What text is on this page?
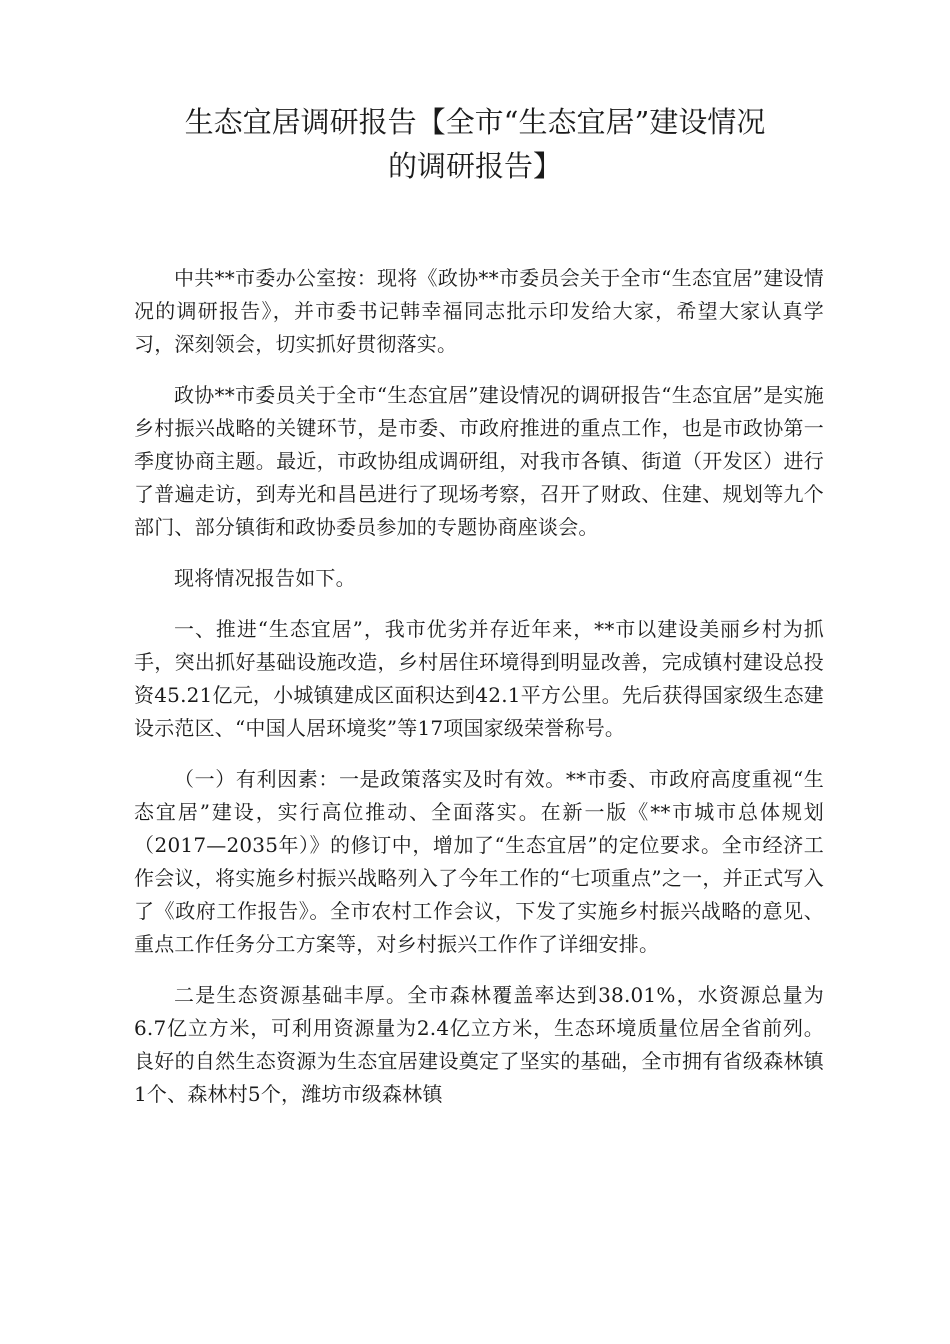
生态宜居调研报告【全市“生态宜居”建设情况
的调研报告】

中共**市委办公室按：现将《政协**市委员会关于全市“生态宜居”建设情况的调研报告》，并市委书记韩幸福同志批示印发给大家，希望大家认真学习，深刻领会，切实抓好贯彻落实。

政协**市委员关于全市“生态宜居”建设情况的调研报告“生态宜居”是实施乡村振兴战略的关键环节，是市委、市政府推进的重点工作，也是市政协第一季度协商主题。最近，市政协组成调研组，对我市各镇、街道（开发区）进行了普遍走访，到寿光和昌邑进行了现场考察，召开了财政、住建、规划等九个部门、部分镇街和政协委员参加的专题协商座谈会。

现将情况报告如下。

一、推进“生态宜居”，我市优劣并存近年来，**市以建设美丽乡村为抓手，突出抓好基础设施改造，乡村居住环境得到明显改善，完成镇村建设总投资45.21亿元，小城镇建成区面积达到42.1平方公里。先后获得国家级生态建设示范区、“中国人居环境奖”等17项国家级荣誉称号。

（一）有利因素：一是政策落实及时有效。**市委、市政府高度重视“生态宜居”建设，实行高位推动、全面落实。在新一版《**市城市总体规划（2017—2035年）》的修订中，增加了“生态宜居”的定位要求。全市经济工作会议，将实施乡村振兴战略列入了今年工作的“七项重点”之一，并正式写入了《政府工作报告》。全市农村工作会议，下发了实施乡村振兴战略的意见、重点工作任务分工方案等，对乡村振兴工作作了详细安排。

二是生态资源基础丰厚。全市森林覆盖率达到38.01%，水资源总量为6.7亿立方米，可利用资源量为2.4亿立方米，生态环境质量位居全省前列。良好的自然生态资源为生态宜居建设奠定了坚实的基础，全市拥有省级森林镇1个、森林村5个，潍坊市级森林镇
